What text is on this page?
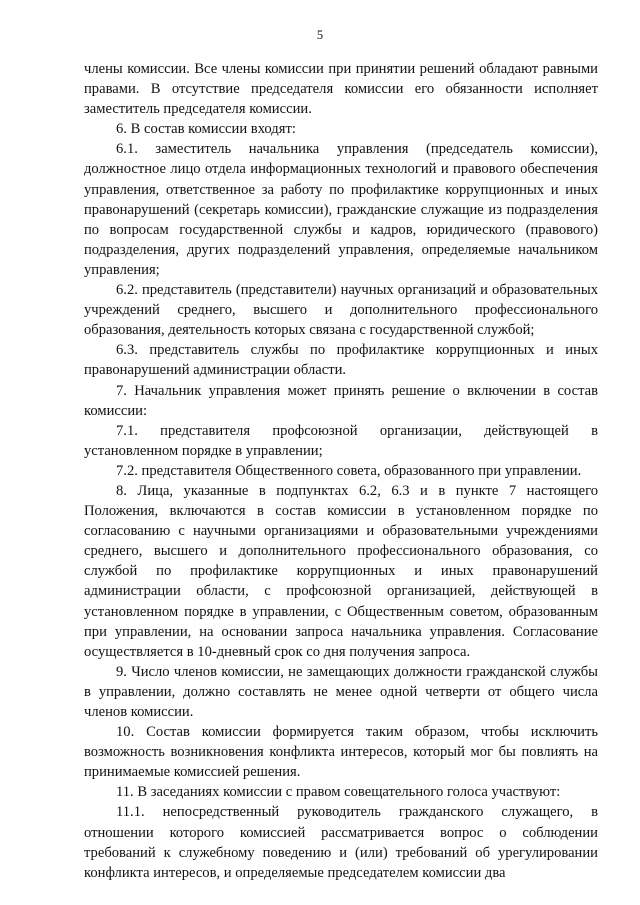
5

члены комиссии. Все члены комиссии при принятии решений обладают равными правами. В отсутствие председателя комиссии его обязанности исполняет заместитель председателя комиссии.

6. В состав комиссии входят:

6.1. заместитель начальника управления (председатель комиссии), должностное лицо отдела информационных технологий и правового обеспечения управления, ответственное за работу по профилактике коррупционных и иных правонарушений (секретарь комиссии), гражданские служащие из подразделения по вопросам государственной службы и кадров, юридического (правового) подразделения, других подразделений управления, определяемые начальником управления;

6.2. представитель (представители) научных организаций и образовательных учреждений среднего, высшего и дополнительного профессионального образования, деятельность которых связана с государственной службой;

6.3. представитель службы по профилактике коррупционных и иных правонарушений администрации области.

7. Начальник управления может принять решение о включении в состав комиссии:

7.1. представителя профсоюзной организации, действующей в установленном порядке в управлении;

7.2. представителя Общественного совета, образованного при управлении.

8. Лица, указанные в подпунктах 6.2, 6.3 и в пункте 7 настоящего Положения, включаются в состав комиссии в установленном порядке по согласованию с научными организациями и образовательными учреждениями среднего, высшего и дополнительного профессионального образования, со службой по профилактике коррупционных и иных правонарушений администрации области, с профсоюзной организацией, действующей в установленном порядке в управлении, с Общественным советом, образованным при управлении, на основании запроса начальника управления. Согласование осуществляется в 10-дневный срок со дня получения запроса.

9. Число членов комиссии, не замещающих должности гражданской службы в управлении, должно составлять не менее одной четверти от общего числа членов комиссии.

10. Состав комиссии формируется таким образом, чтобы исключить возможность возникновения конфликта интересов, который мог бы повлиять на принимаемые комиссией решения.

11. В заседаниях комиссии с правом совещательного голоса участвуют:

11.1. непосредственный руководитель гражданского служащего, в отношении которого комиссией рассматривается вопрос о соблюдении требований к служебному поведению и (или) требований об урегулировании конфликта интересов, и определяемые председателем комиссии два
